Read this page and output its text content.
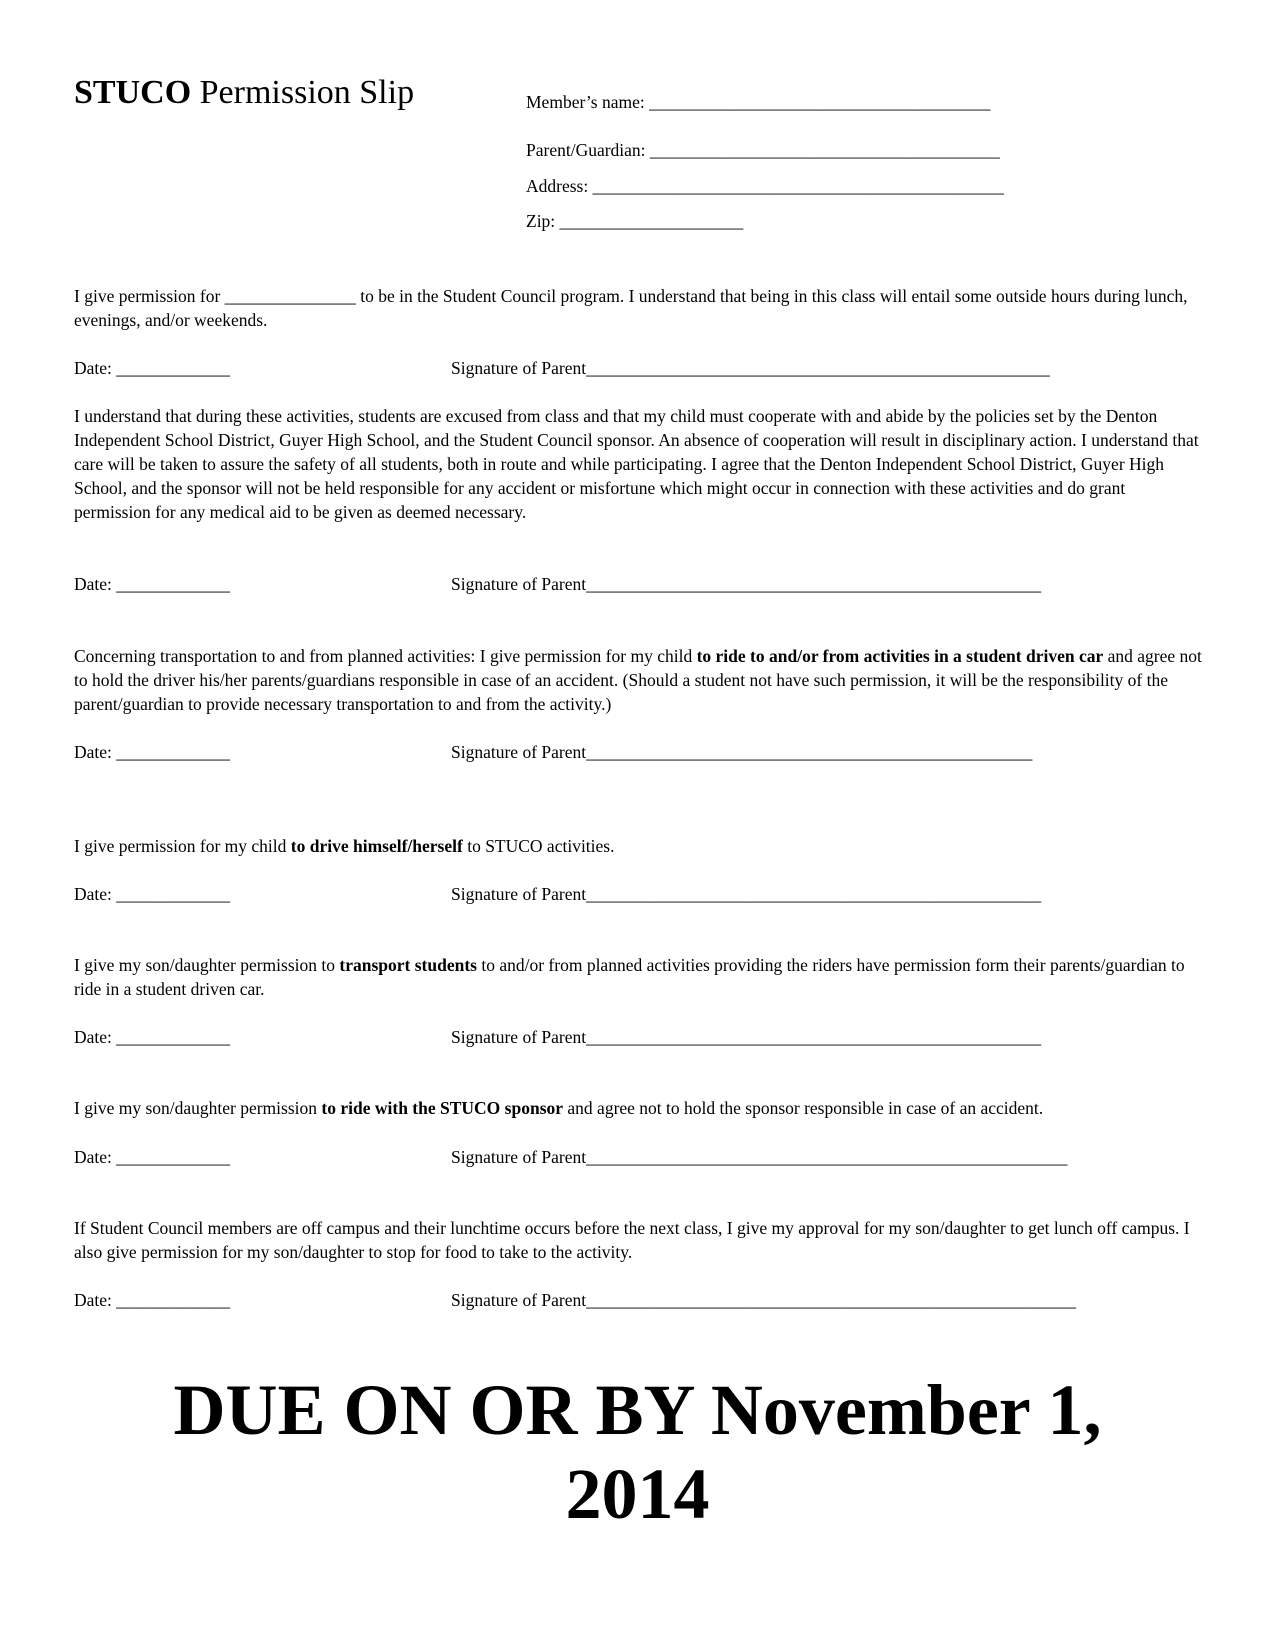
STUCO Permission Slip	Member’s name: _______________________________________
Parent/Guardian: ________________________________________
Address: _______________________________________________
Zip: _____________________
I give permission for _______________ to be in the Student Council program. I understand that being in this class will entail some outside hours during lunch, evenings, and/or weekends.
Date: _____________	Signature of Parent_____________________________________________________
I understand that during these activities, students are excused from class and that my child must cooperate with and abide by the policies set by the Denton Independent School District, Guyer High School, and the Student Council sponsor. An absence of cooperation will result in disciplinary action. I understand that care will be taken to assure the safety of all students, both in route and while participating. I agree that the Denton Independent School District, Guyer High School, and the sponsor will not be held responsible for any accident or misfortune which might occur in connection with these activities and do grant permission for any medical aid to be given as deemed necessary.
Date: _____________	Signature of Parent____________________________________________________
Concerning transportation to and from planned activities: I give permission for my child to ride to and/or from activities in a student driven car and agree not to hold the driver his/her parents/guardians responsible in case of an accident. (Should a student not have such permission, it will be the responsibility of the parent/guardian to provide necessary transportation to and from the activity.)
Date: _____________	Signature of Parent___________________________________________________
I give permission for my child to drive himself/herself to STUCO activities.
Date: _____________	Signature of Parent____________________________________________________
I give my son/daughter permission to transport students to and/or from planned activities providing the riders have permission form their parents/guardian to ride in a student driven car.
Date: _____________	Signature of Parent____________________________________________________
I give my son/daughter permission to ride with the STUCO sponsor and agree not to hold the sponsor responsible in case of an accident.
Date: _____________	Signature of Parent_______________________________________________________
If Student Council members are off campus and their lunchtime occurs before the next class, I give my approval for my son/daughter to get lunch off campus. I also give permission for my son/daughter to stop for food to take to the activity.
Date: _____________	Signature of Parent________________________________________________________
DUE ON OR BY November 1,
2014
